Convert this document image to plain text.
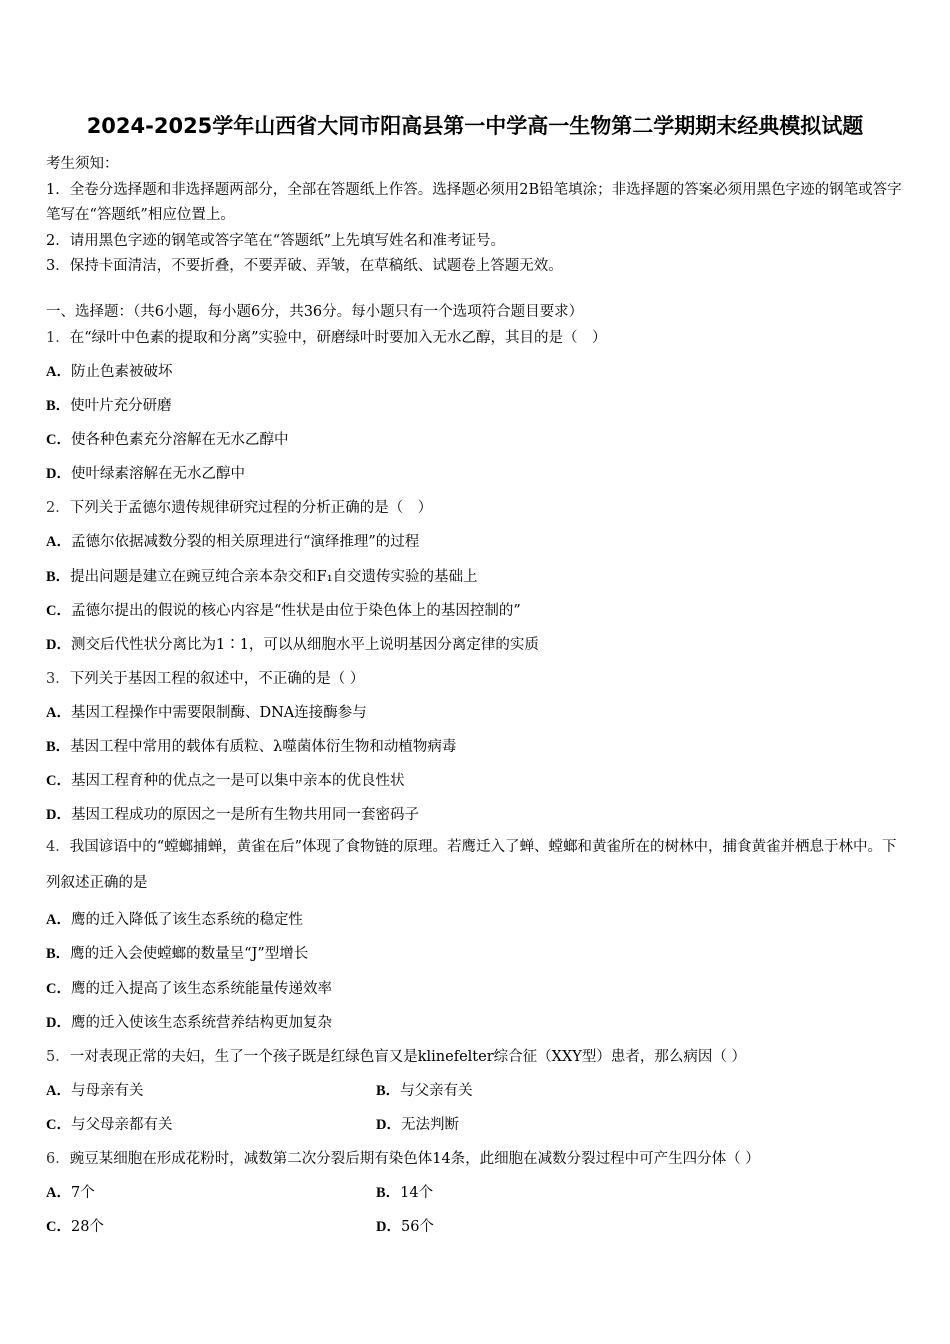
2024-2025学年山西省大同市阳高县第一中学高一生物第二学期期末经典模拟试题

考生须知：

1．全卷分选择题和非选择题两部分，全部在答题纸上作答。选择题必须用2B铅笔填涂；非选择题的答案必须用黑色字迹的钢笔或答字笔写在“答题纸”相应位置上。

2．请用黑色字迹的钢笔或答字笔在“答题纸”上先填写姓名和准考证号。

3．保持卡面清洁，不要折叠，不要弄破、弄皱，在草稿纸、试题卷上答题无效。

一、选择题：（共6小题，每小题6分，共36分。每小题只有一个选项符合题目要求）
1．在“绿叶中色素的提取和分离”实验中，研磨绿叶时要加入无水乙醇，其目的是（　）
A．防止色素被破坏
B．使叶片充分研磨
C．使各种色素充分溶解在无水乙醇中
D．使叶绿素溶解在无水乙醇中
2．下列关于孟德尔遗传规律研究过程的分析正确的是（　）
A．孟德尔依据减数分裂的相关原理进行“演绎推理”的过程
B．提出问题是建立在豌豆纯合亲本杂交和F₁自交遗传实验的基础上
C．孟德尔提出的假说的核心内容是“性状是由位于染色体上的基因控制的”
D．测交后代性状分离比为1∶1，可以从细胞水平上说明基因分离定律的实质
3．下列关于基因工程的叙述中，不正确的是（ ）
A．基因工程操作中需要限制酶、DNA连接酶参与
B．基因工程中常用的载体有质粒、λ噬菌体衍生物和动植物病毒
C．基因工程育种的优点之一是可以集中亲本的优良性状
D．基因工程成功的原因之一是所有生物共用同一套密码子
4．我国谚语中的“螳螂捕蝉，黄雀在后”体现了食物链的原理。若鹰迁入了蝉、螳螂和黄雀所在的树林中，捕食黄雀并栖息于林中。下列叙述正确的是
A．鹰的迁入降低了该生态系统的稳定性
B．鹰的迁入会使螳螂的数量呈“J”型增长
C．鹰的迁入提高了该生态系统能量传递效率
D．鹰的迁入使该生态系统营养结构更加复杂
5．一对表现正常的夫妇，生了一个孩子既是红绿色盲又是klinefelter综合征（XXY型）患者，那么病因（ ）
A．与母亲有关	B．与父亲有关
C．与父母亲都有关	D．无法判断
6．豌豆某细胞在形成花粉时，减数第二次分裂后期有染色体14条，此细胞在减数分裂过程中可产生四分体（ ）
A．7个	B．14个
C．28个	D．56个
